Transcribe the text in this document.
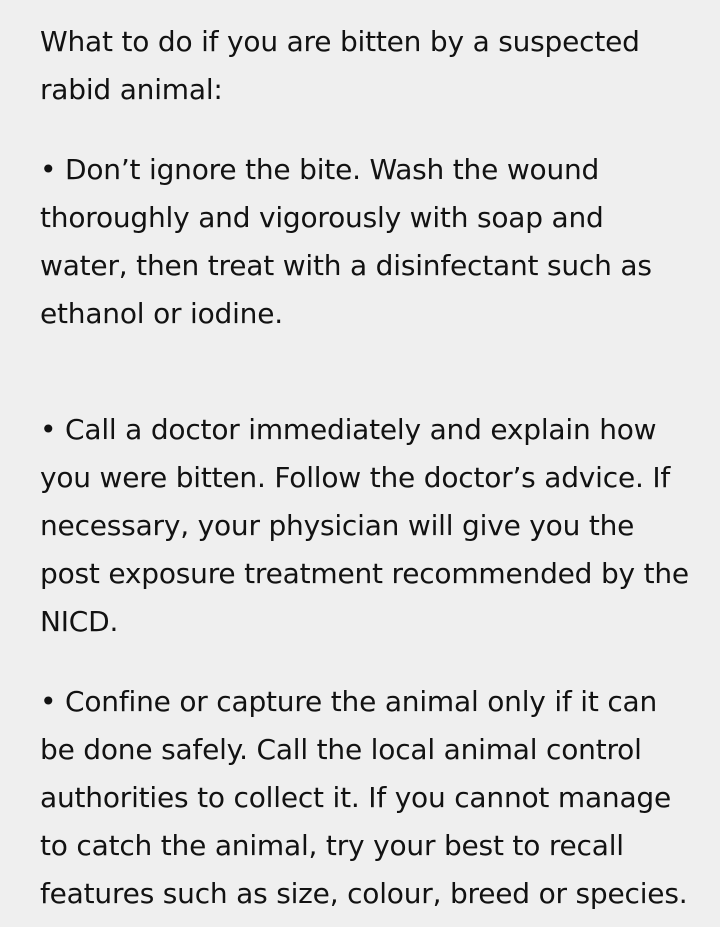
What to do if you are bitten by a suspected rabid animal:

• Don’t ignore the bite. Wash the wound thoroughly and vigorously with soap and water, then treat with a disinfectant such as ethanol or iodine.

• Call a doctor immediately and explain how you were bitten. Follow the doctor’s advice. If necessary, your physician will give you the post exposure treatment recommended by the NICD.

• Confine or capture the animal only if it can be done safely. Call the local animal control authorities to collect it. If you cannot manage to catch the animal, try your best to recall features such as size, colour, breed or species.
